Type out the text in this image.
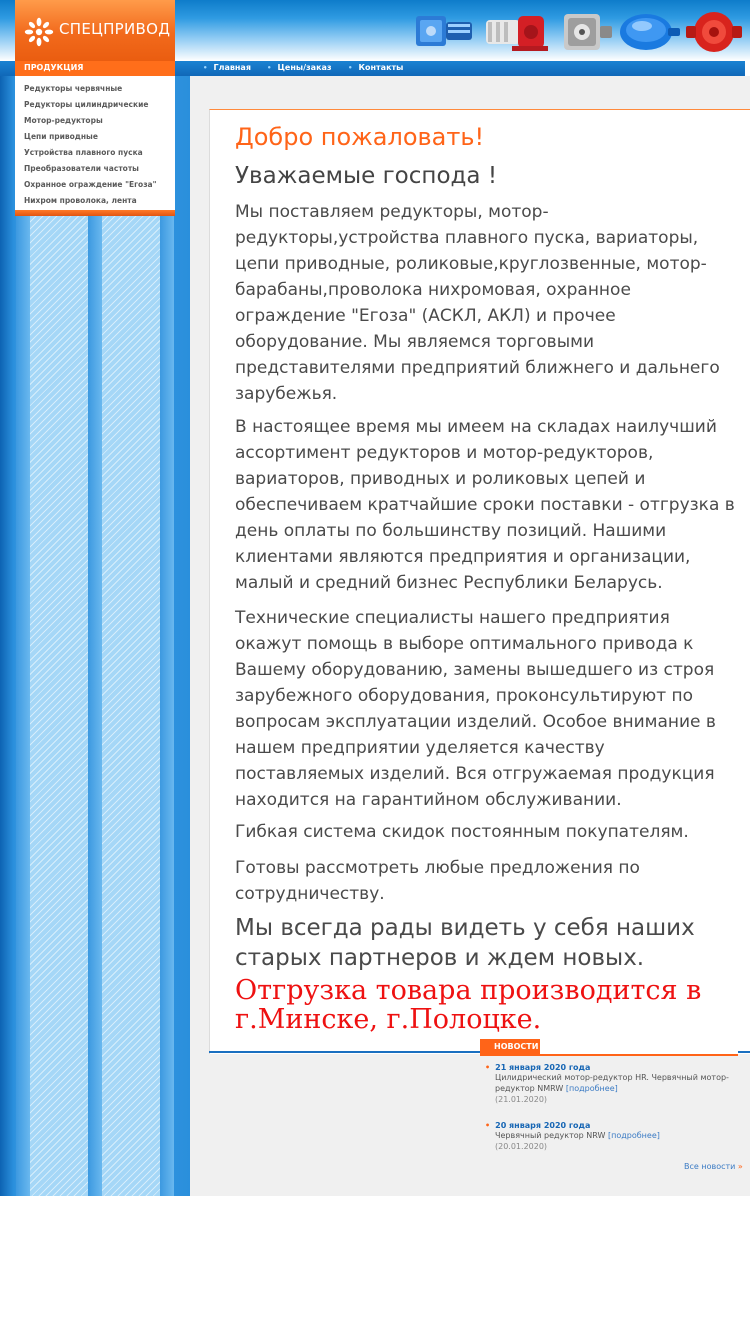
СПЕЦПРИВОД
ПРОДУКЦИЯ	• Главная • Цены/заказ • Контакты
Редукторы червячные
Редукторы цилиндрические
Мотор-редукторы
Цепи приводные
Устройства плавного пуска
Преобразователи частоты
Охранное ограждение "Егоза"
Нихром проволока, лента
Добро пожаловать!
Уважаемые господа !

Мы поставляем редукторы, мотор-редукторы,устройства плавного пуска, вариаторы, цепи приводные, роликовые,круглозвенные, мотор-барабаны,проволока нихромовая, охранное ограждение "Егоза" (АСКЛ, АКЛ) и прочее оборудование. Мы являемся торговыми представителями предприятий ближнего и дальнего зарубежья.

В настоящее время мы имеем на складах наилучший ассортимент редукторов и мотор-редукторов, вариаторов, приводных и роликовых цепей и обеспечиваем кратчайшие сроки поставки - отгрузка в день оплаты по большинству позиций. Нашими клиентами являются предприятия и организации, малый и средний бизнес Республики Беларусь.

Технические специалисты нашего предприятия окажут помощь в выборе оптимального привода к Вашему оборудованию, замены вышедшего из строя зарубежного оборудования, проконсультируют по вопросам эксплуатации изделий. Особое внимание в нашем предприятии уделяется качеству поставляемых изделий. Вся отгружаемая продукция находится на гарантийном обслуживании.

Гибкая система скидок постоянным покупателям.

Готовы рассмотреть любые предложения по сотрудничеству.

Мы всегда рады видеть у себя наших старых партнеров и ждем новых.

Отгрузка товара производится в г.Минске, г.Полоцке.

НОВОСТИ
• 21 января 2020 года
Цилидрический мотор-редуктор HR. Червячный мотор-редуктор NMRW [подробнее]
(21.01.2020)
• 20 января 2020 года
Червячный редуктор NRW [подробнее]
(20.01.2020)
Все новости »
